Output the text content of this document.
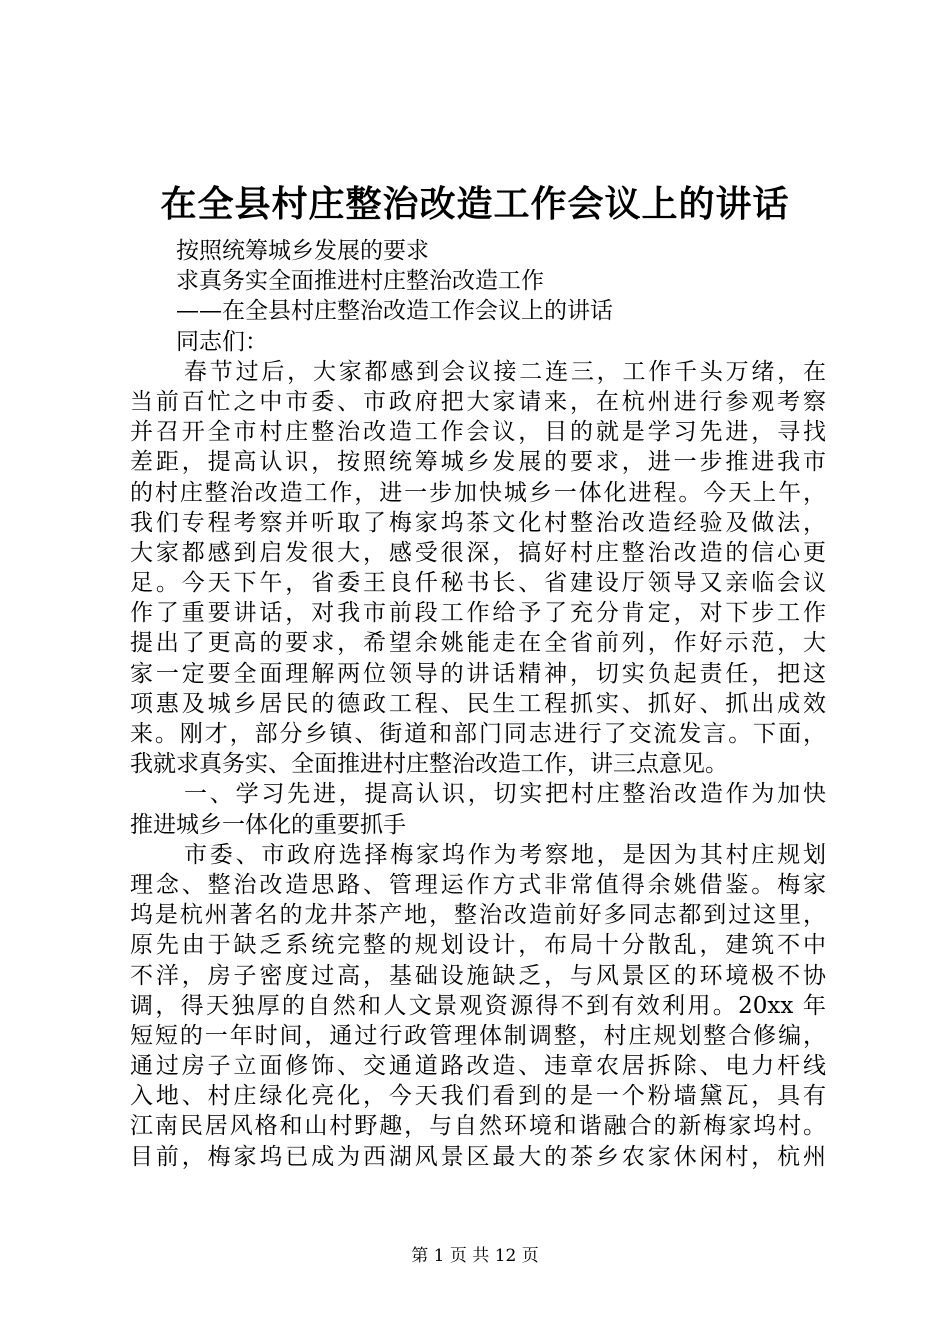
在全县村庄整治改造工作会议上的讲话
按照统筹城乡发展的要求
求真务实全面推进村庄整治改造工作
——在全县村庄整治改造工作会议上的讲话
同志们：
春节过后，大家都感到会议接二连三，工作千头万绪，在
当前百忙之中市委、市政府把大家请来，在杭州进行参观考察
并召开全市村庄整治改造工作会议，目的就是学习先进，寻找
差距，提高认识，按照统筹城乡发展的要求，进一步推进我市
的村庄整治改造工作，进一步加快城乡一体化进程。今天上午，
我们专程考察并听取了梅家坞茶文化村整治改造经验及做法，
大家都感到启发很大，感受很深，搞好村庄整治改造的信心更
足。今天下午，省委王良仟秘书长、省建设厅领导又亲临会议
作了重要讲话，对我市前段工作给予了充分肯定，对下步工作
提出了更高的要求，希望余姚能走在全省前列，作好示范，大
家一定要全面理解两位领导的讲话精神，切实负起责任，把这
项惠及城乡居民的德政工程、民生工程抓实、抓好、抓出成效
来。刚才，部分乡镇、街道和部门同志进行了交流发言。下面，
我就求真务实、全面推进村庄整治改造工作，讲三点意见。
一、学习先进，提高认识，切实把村庄整治改造作为加快
推进城乡一体化的重要抓手
市委、市政府选择梅家坞作为考察地，是因为其村庄规划
理念、整治改造思路、管理运作方式非常值得余姚借鉴。梅家
坞是杭州著名的龙井茶产地，整治改造前好多同志都到过这里，
原先由于缺乏系统完整的规划设计，布局十分散乱，建筑不中
不洋，房子密度过高，基础设施缺乏，与风景区的环境极不协
调，得天独厚的自然和人文景观资源得不到有效利用。20xx 年
短短的一年时间，通过行政管理体制调整，村庄规划整合修编，
通过房子立面修饰、交通道路改造、违章农居拆除、电力杆线
入地、村庄绿化亮化，今天我们看到的是一个粉墙黛瓦，具有
江南民居风格和山村野趣，与自然环境和谐融合的新梅家坞村。
目前，梅家坞已成为西湖风景区最大的茶乡农家休闲村，杭州
第 1 页 共 12 页
